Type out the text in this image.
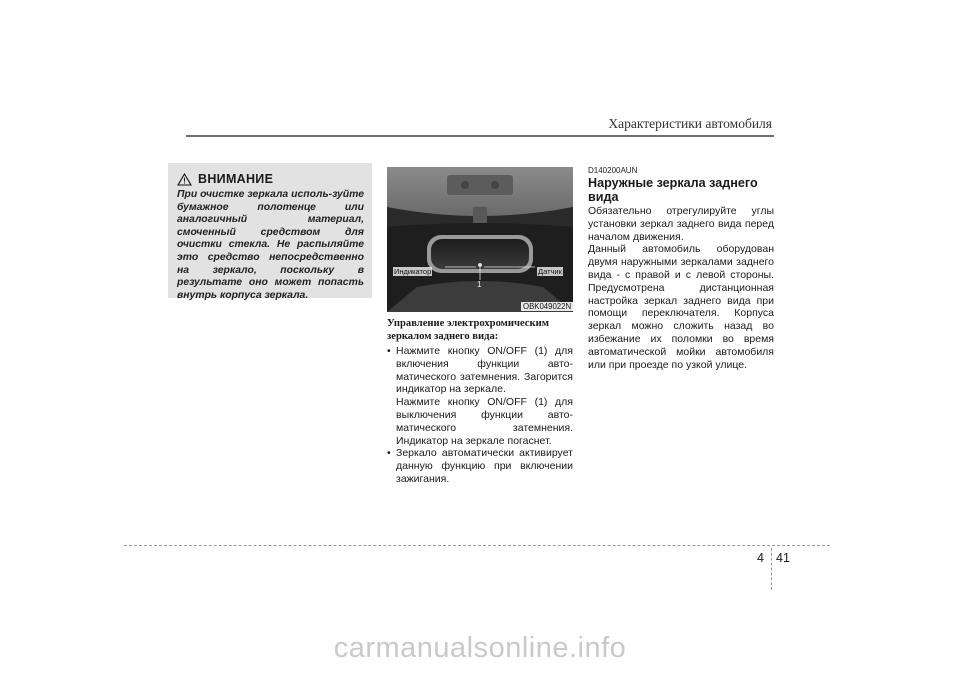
Характеристики автомобиля
ВНИМАНИЕ
При очистке зеркала исполь-зуйте бумажное полотенце или аналогичный материал, смоченный средством для очистки стекла. Не распыляйте это средство непосредственно на зеркало, поскольку в результате оно может попасть внутрь корпуса зеркала.
Индикатор	Датчик
1
OBK049022N
Управление электрохромическим зеркалом заднего вида:
• Нажмите кнопку ON/OFF (1) для включения функции авто-матического затемнения. Загорится индикатор на зеркале.
Нажмите кнопку ON/OFF (1) для выключения функции авто-матического затемнения. Индикатор на зеркале погаснет.
• Зеркало автоматически активирует данную функцию при включении зажигания.
D140200AUN
Наружные зеркала заднего вида

Обязательно отрегулируйте углы установки зеркал заднего вида перед началом движения.

Данный автомобиль оборудован двумя наружными зеркалами заднего вида - с правой и с левой стороны. Предусмотрена дистанционная настройка зеркал заднего вида при помощи переключателя. Корпуса зеркал можно сложить назад во избежание их поломки во время автоматической мойки автомобиля или при проезде по узкой улице.

4 41
carmanualsonline.info
